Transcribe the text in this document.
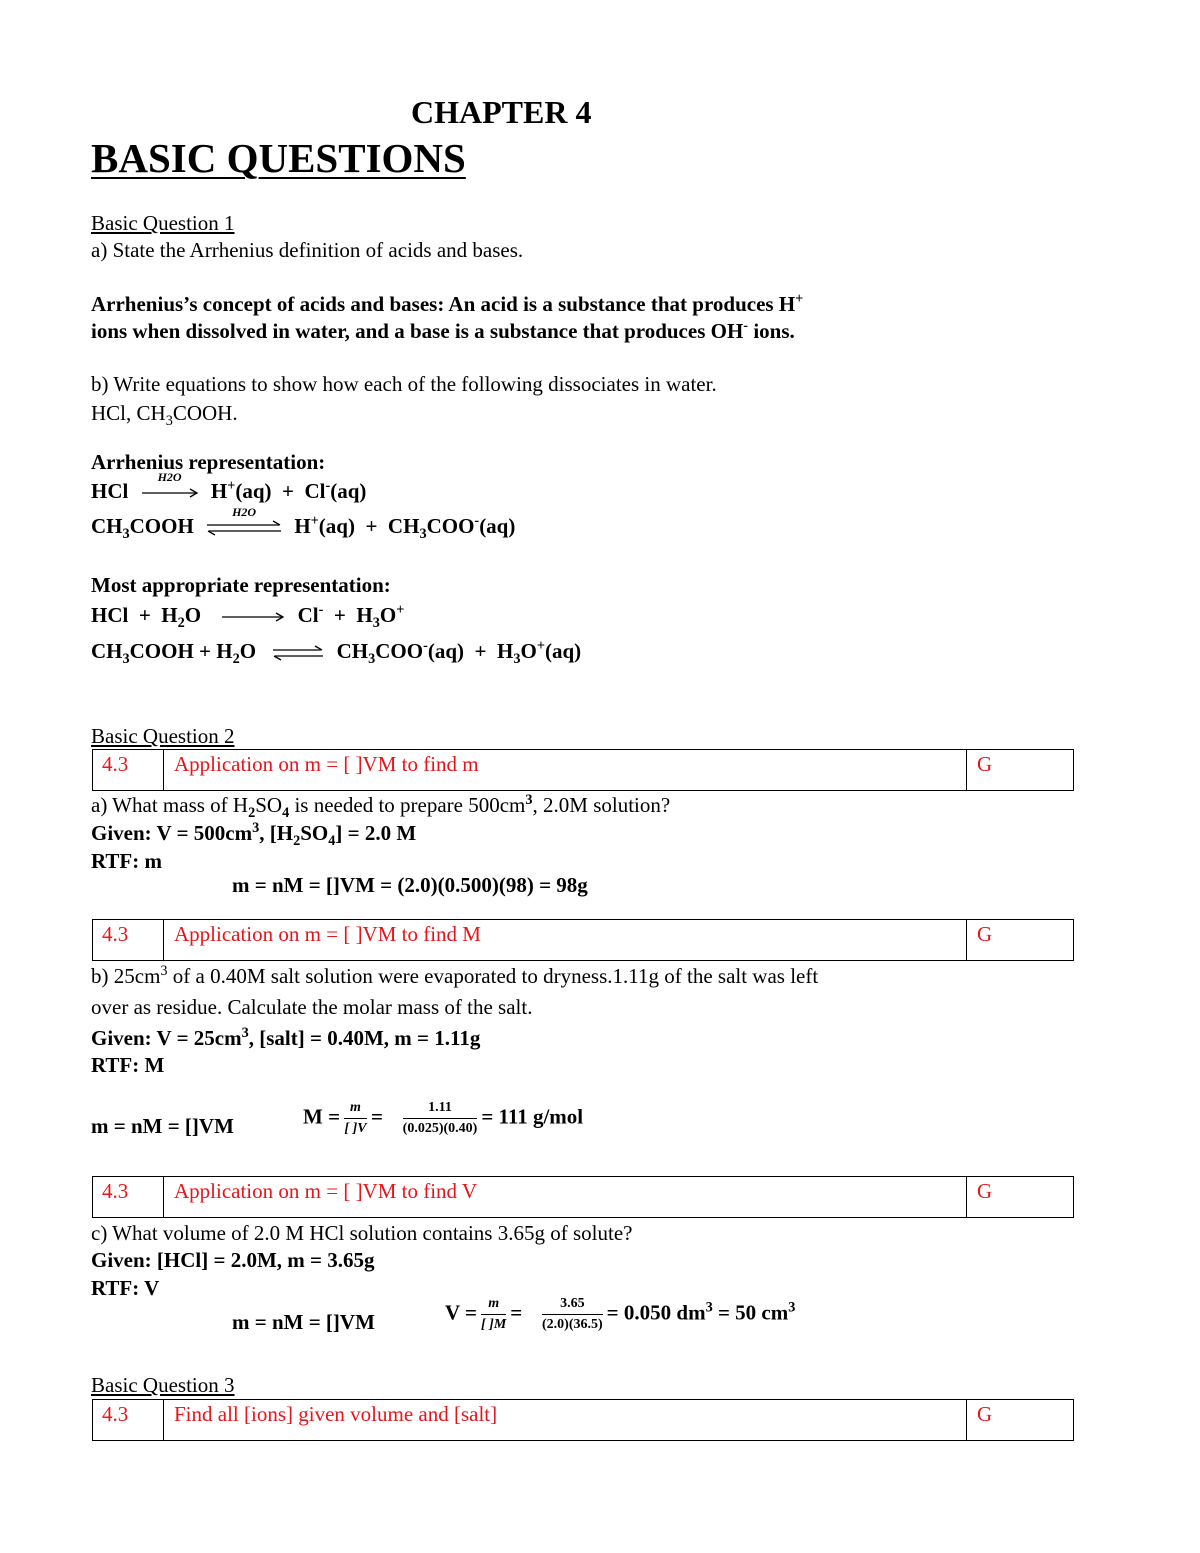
CHAPTER 4
BASIC QUESTIONS
Basic Question 1
a) State the Arrhenius definition of acids and bases.
Arrhenius’s concept of acids and bases: An acid is a substance that produces H+
ions when dissolved in water, and a base is a substance that produces OH- ions.
b) Write equations to show how each of the following dissociates in water.
HCl, $CH_3COOH$.
Arrhenius representation:
HCl
H2O
H+(aq)  +  Cl-(aq)
$CH_3COOH$
H2O
$H^+(aq) + CH_3COO^-(aq)$
Most appropriate representation:
HCl  +  $H_2O$	$Cl^- + H_3O^+$
$CH_3COOH + H_2O$ ⇌ $CH_3COO^-(aq) + H_3O^+(aq)$
Basic Question 2
4.3	Application on m = [ ]VM to find m	G
a) What mass of $H_2SO_4$ is needed to prepare $500cm^3$, 2.0M solution?
Given: $V = 500cm^3$, $[H_2SO_4] = 2.0$ M
RTF: m
m = nM = []VM = (2.0)(0.500)(98) = 98g
4.3	Application on m = [ ]VM to find M	G
b) $25cm^3$ of a 0.40M salt solution were evaporated to dryness.1.11g of the salt was left
over as residue. Calculate the molar mass of the salt.
Given: $V = 25cm^3$, [salt] = 0.40M, m = 1.11g
RTF: M
m = nM = []VM	$M = \frac{m}{[ ]V} = \frac{1.11}{(0.025)(0.40)} = 111$ g/mol
4.3	Application on m = [ ]VM to find V	G
c) What volume of 2.0 M HCl solution contains 3.65g of solute?
Given: [HCl] = 2.0M, m = 3.65g
RTF: V
m = nM = []VM	$V = \frac{m}{[ ]M} = \frac{3.65}{(2.0)(36.5)} = 0.050$ $dm^3 = 50$ $cm^3$
Basic Question 3
4.3	Find all [ions] given volume and [salt]	G
